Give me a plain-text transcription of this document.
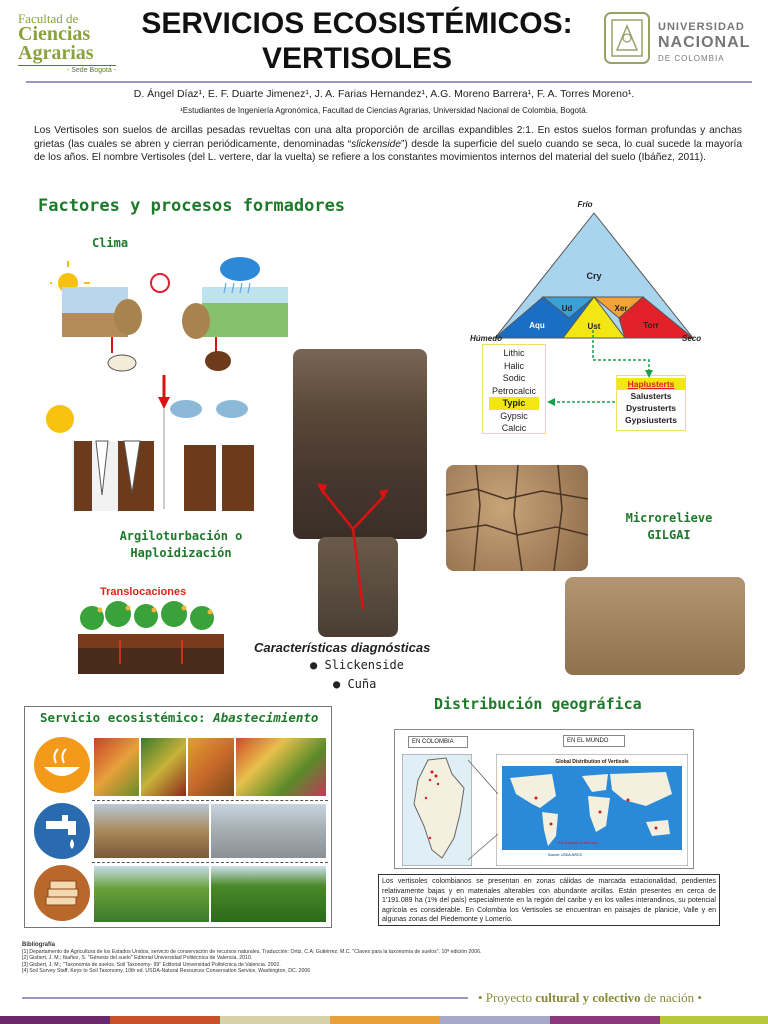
Facultad de
Ciencias
Agrarias
- Sede Bogotá -
SERVICIOS ECOSISTÉMICOS:
VERTISOLES
UNIVERSIDAD
NACIONAL
DE COLOMBIA
D. Ángel Díaz¹, E. F. Duarte Jimenez¹, J. A. Farias Hernandez¹, A.G. Moreno Barrera¹, F. A. Torres Moreno¹.
¹Estudiantes de Ingeniería Agronómica, Facultad de Ciencias Agrarias, Universidad Nacional de Colombia, Bogotá.
Los Vertisoles son suelos de arcillas pesadas revueltas con una alta proporción de arcillas expandibles 2:1. En estos suelos forman profundas y anchas grietas (las cuales se abren y cierran periódicamente, denominadas “slickenside”) desde la superficie del suelo cuando se seca, lo cual sucede la mayoría de los años. El nombre Vertisoles (del L. vertere, dar la vuelta) se refiere a los constantes movimientos internos del material del suelo (Ibáñez, 2011).
Factores y procesos formadores
Clima
Argiloturbación o
Haploidización
Translocaciones
Características diagnósticas
● Slickenside
● Cuña
Frío
Cry
Ud	Xer
Aqu	Ust	Torr
Húmedo	Seco
Lithic
Halic
Sodic
Petrocalcic
Typic
Gypsic
Calcic
Haplusterts
Salusterts
Dystrusterts
Gypsiusterts
Microrelieve
GILGAI
Servicio ecosistémico: Abastecimiento
Distribución geográfica
EN COLOMBIA	EN EL MUNDO
Global Distribution of Vertisols
~2% of global ice-free land
Source: USDA-NRCS
Los vertisoles colombianos se presentan en zonas cálidas de marcada estacionalidad, pendientes relativamente bajas y en materiales alterables con abundante arcillas. Están presentes en cerca de 1'191.089 ha (1% del país) especialmente en la región del caribe y en los valles interandinos, su potencial agrícola es considerable. En Colombia los Vertisoles se encuentran en paisajes de planicie, Valle y en algunas zonas del Piedemonte y Lomerío.
Bibliografía
[1] Departamento de Agricultura de los Estados Unidos, servicio de conservación de recursos naturales. Traducción: Ortiz, C.A; Gutiérrez, M.C. "Claves para la taxonomía de suelos". 10ª edición 2006.
[2] Gisbert, J. M.; Ibañez, S. "Génesis del suelo" Editorial Universidad Politécnica de Valencia. 2010.
[3] Gisbert, J. M.; "Taxonomía de suelos. Soil Taxonomy- 99" Editorial Universidad Politécnica de Valencia. 2002.
[4] Soil Survey Staff. Keys to Soil Taxonomy, 10th ed. USDA-Natural Resources Conservation Service, Washington, DC. 2006
• Proyecto cultural y colectivo de nación •
